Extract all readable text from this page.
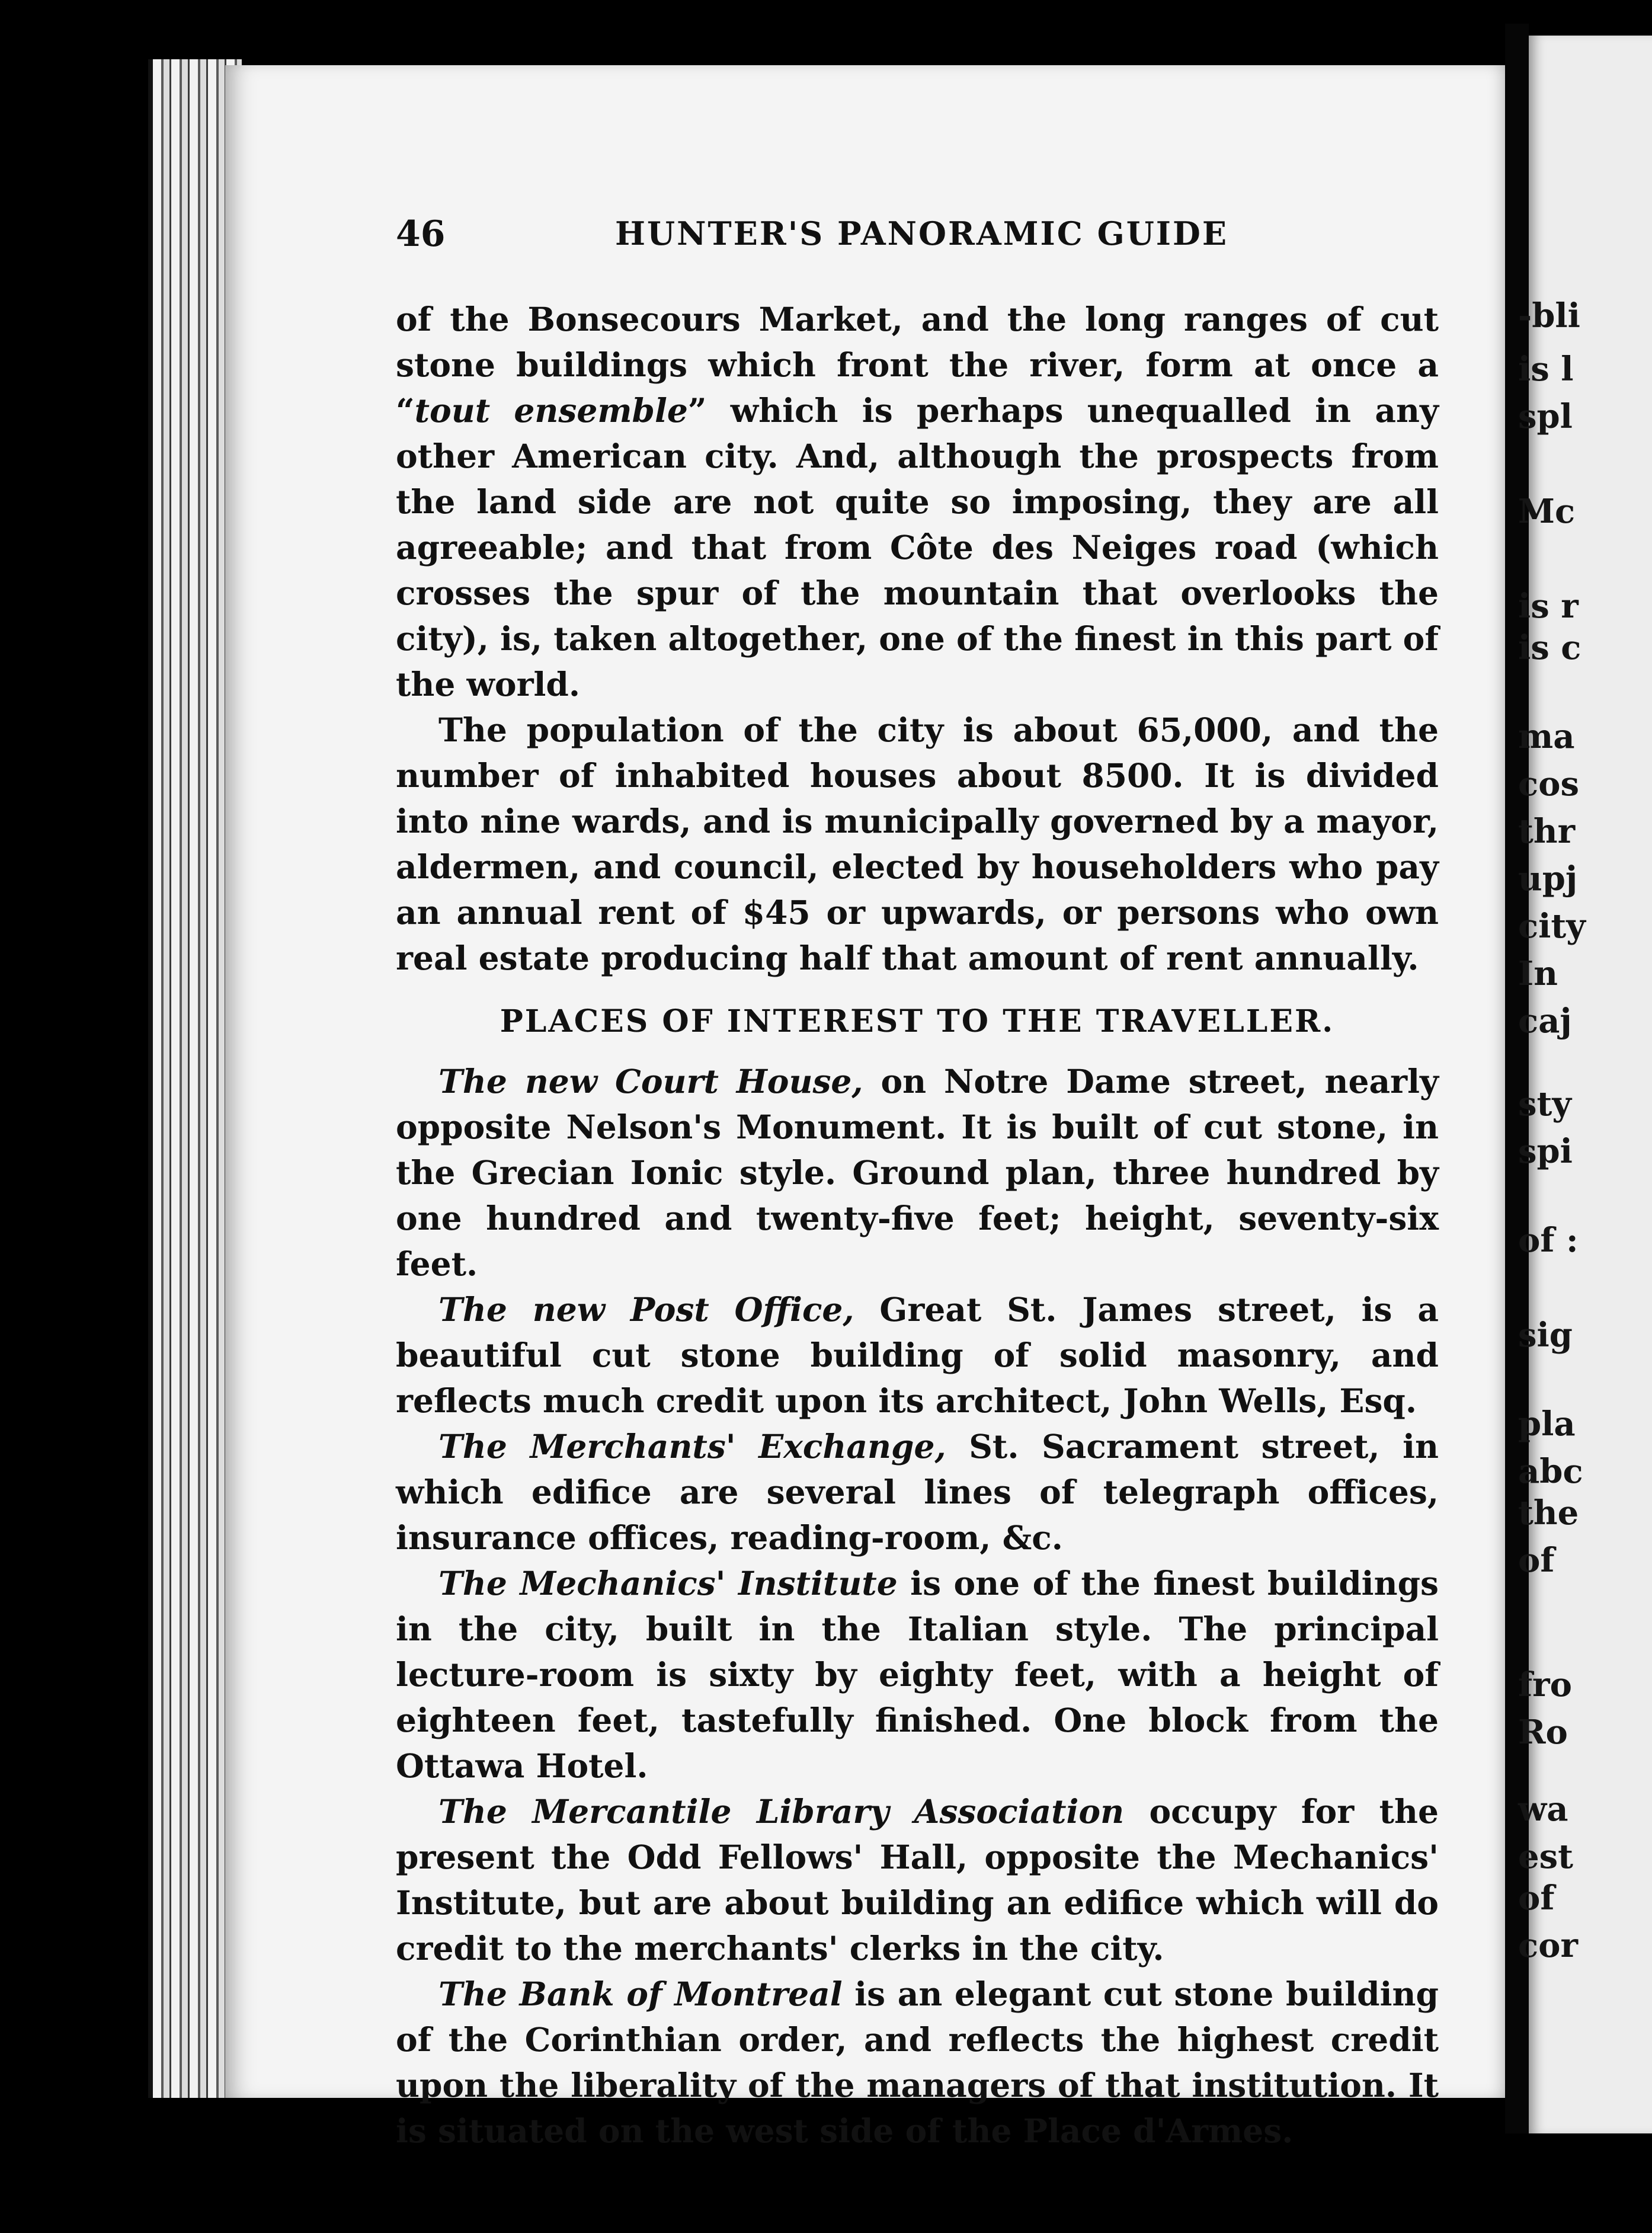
-bli
is l
spl
Mc
is r
is c
ma
cos
thr
upj
city
In
caj
sty
spi
of :
sig
pla
abc
the
of
fro
Ro
wa
est
of
cor
46	HUNTER'S PANORAMIC GUIDE

of the Bonsecours Market, and the long ranges of cut stone buildings which front the river, form at once a “tout ensemble” which is perhaps unequalled in any other American city. And, although the prospects from the land side are not quite so imposing, they are all agreeable; and that from Côte des Neiges road (which crosses the spur of the mountain that overlooks the city), is, taken altogether, one of the finest in this part of the world.

The population of the city is about 65,000, and the number of inhabited houses about 8500. It is divided into nine wards, and is municipally governed by a mayor, aldermen, and council, elected by householders who pay an annual rent of $45 or upwards, or persons who own real estate producing half that amount of rent annually.

PLACES OF INTEREST TO THE TRAVELLER.

The new Court House, on Notre Dame street, nearly opposite Nelson's Monument. It is built of cut stone, in the Grecian Ionic style. Ground plan, three hundred by one hundred and twenty-five feet; height, seventy-six feet.

The new Post Office, Great St. James street, is a beautiful cut stone building of solid masonry, and reflects much credit upon its architect, John Wells, Esq.

The Merchants' Exchange, St. Sacrament street, in which edifice are several lines of telegraph offices, insurance offices, reading-room, &c.

The Mechanics' Institute is one of the finest buildings in the city, built in the Italian style. The principal lecture-room is sixty by eighty feet, with a height of eighteen feet, tastefully finished. One block from the Ottawa Hotel.

The Mercantile Library Association occupy for the present the Odd Fellows' Hall, opposite the Mechanics' Institute, but are about building an edifice which will do credit to the merchants' clerks in the city.

The Bank of Montreal is an elegant cut stone building of the Corinthian order, and reflects the highest credit upon the liberality of the managers of that institution. It is situated on the west side of the Place d'Armes.
